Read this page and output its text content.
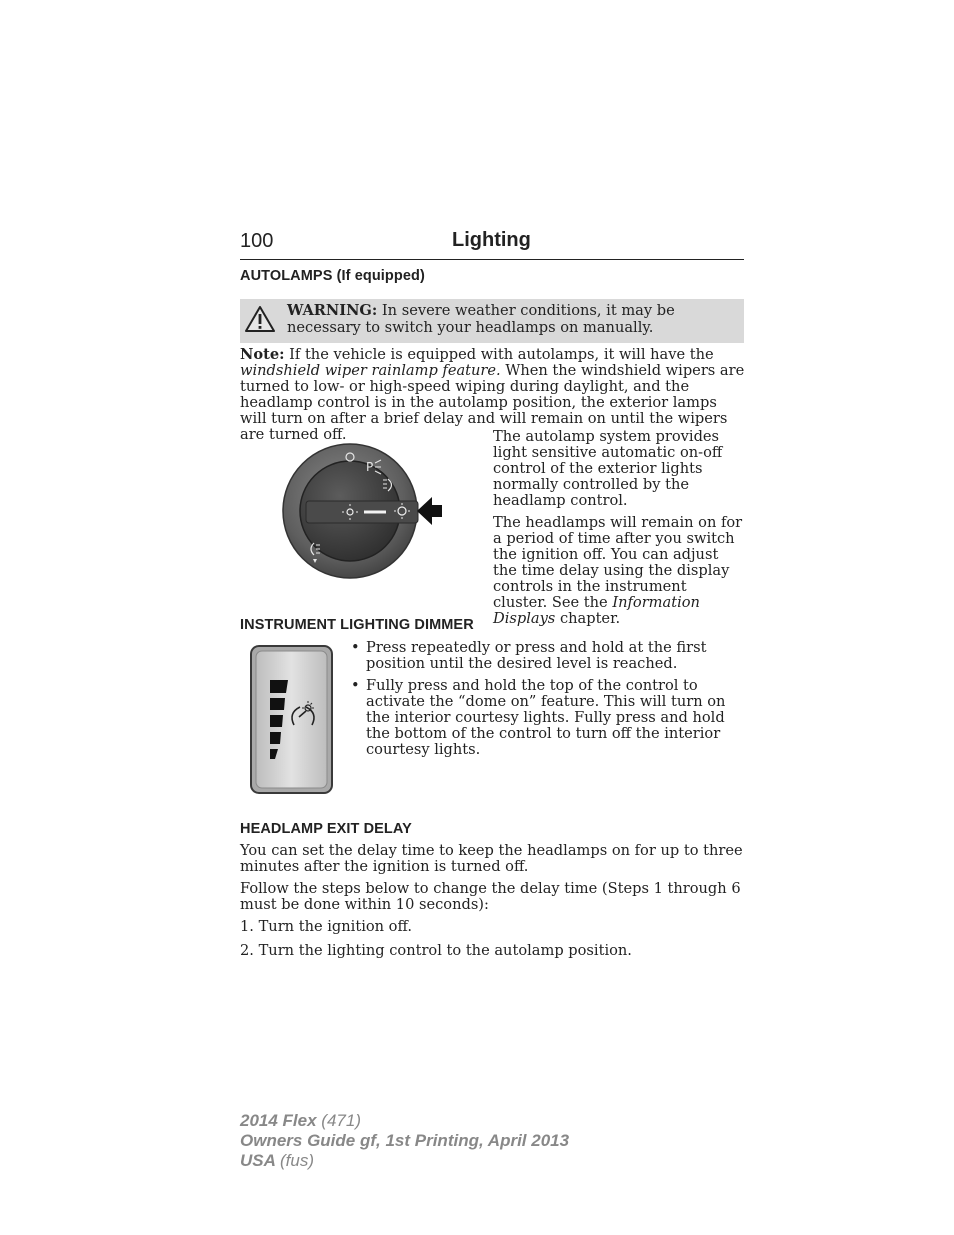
100	Lighting
AUTOLAMPS (If equipped)
WARNING: In severe weather conditions, it may be necessary to switch your headlamps on manually.
Note: If the vehicle is equipped with autolamps, it will have the windshield wiper rainlamp feature. When the windshield wipers are turned to low- or high-speed wiping during daylight, and the headlamp control is in the autolamp position, the exterior lamps will turn on after a brief delay and will remain on until the wipers are turned off.
P

The autolamp system provides light sensitive automatic on-off control of the exterior lights normally controlled by the headlamp control.

The headlamps will remain on for a period of time after you switch the ignition off. You can adjust the time delay using the display controls in the instrument cluster. See the Information Displays chapter.

INSTRUMENT LIGHTING DIMMER
• Press repeatedly or press and hold at the first position until the desired level is reached.
• Fully press and hold the top of the control to activate the “dome on” feature. This will turn on the interior courtesy lights. Fully press and hold the bottom of the control to turn off the interior courtesy lights.
HEADLAMP EXIT DELAY

You can set the delay time to keep the headlamps on for up to three minutes after the ignition is turned off.

Follow the steps below to change the delay time (Steps 1 through 6 must be done within 10 seconds):

1. Turn the ignition off.

2. Turn the lighting control to the autolamp position.

2014 Flex (471)
Owners Guide gf, 1st Printing, April 2013
USA (fus)
